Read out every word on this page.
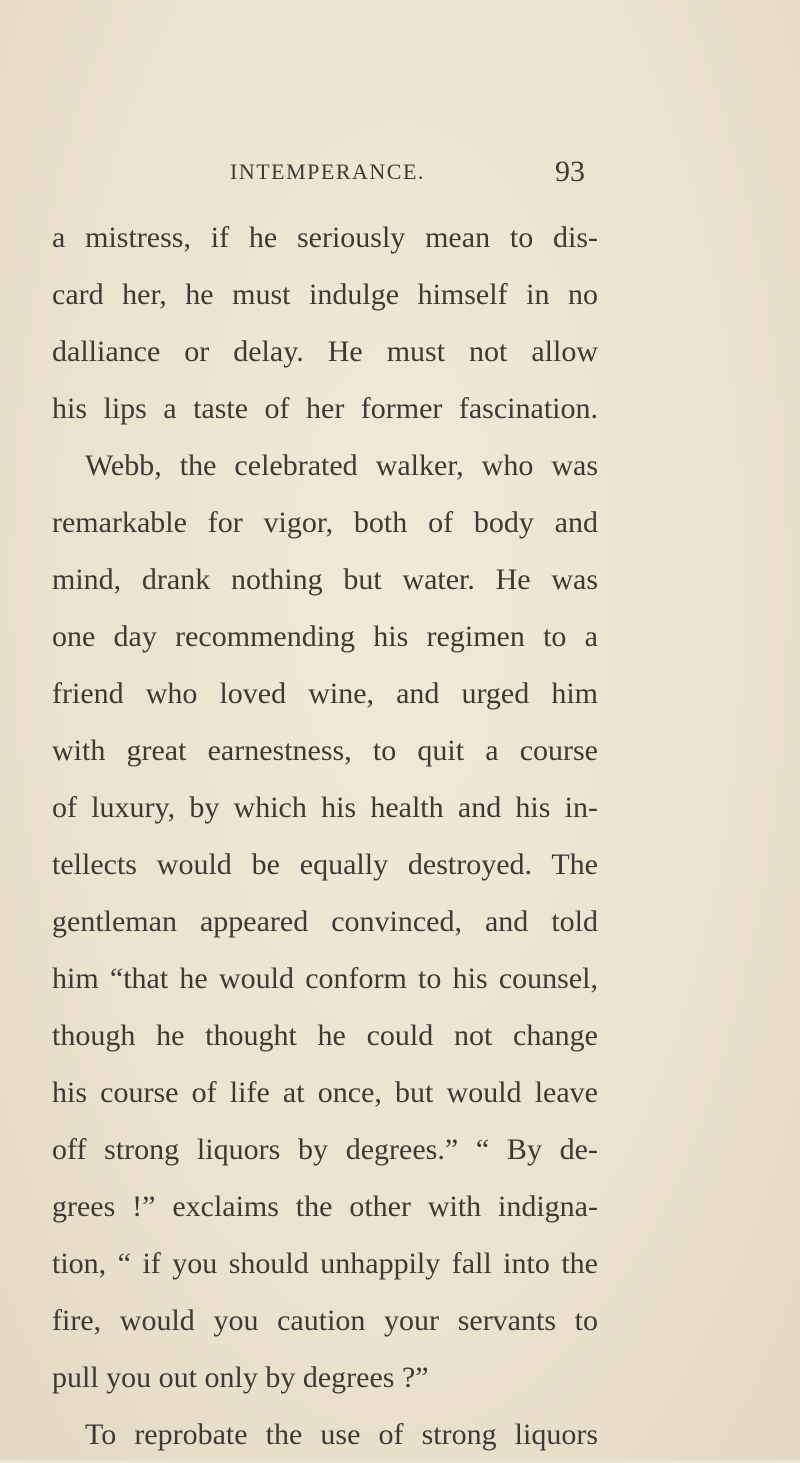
INTEMPERANCE.	93
a mistress, if he seriously mean to dis-
card her, he must indulge himself in no
dalliance or delay. He must not allow
his lips a taste of her former fascination.
Webb, the celebrated walker, who was
remarkable for vigor, both of body and
mind, drank nothing but water. He was
one day recommending his regimen to a
friend who loved wine, and urged him
with great earnestness, to quit a course
of luxury, by which his health and his in-
tellects would be equally destroyed. The
gentleman appeared convinced, and told
him “that he would conform to his counsel,
though he thought he could not change
his course of life at once, but would leave
off strong liquors by degrees.” “ By de-
grees !” exclaims the other with indigna-
tion, “ if you should unhappily fall into the
fire, would you caution your servants to
pull you out only by degrees ?”
To reprobate the use of strong liquors
